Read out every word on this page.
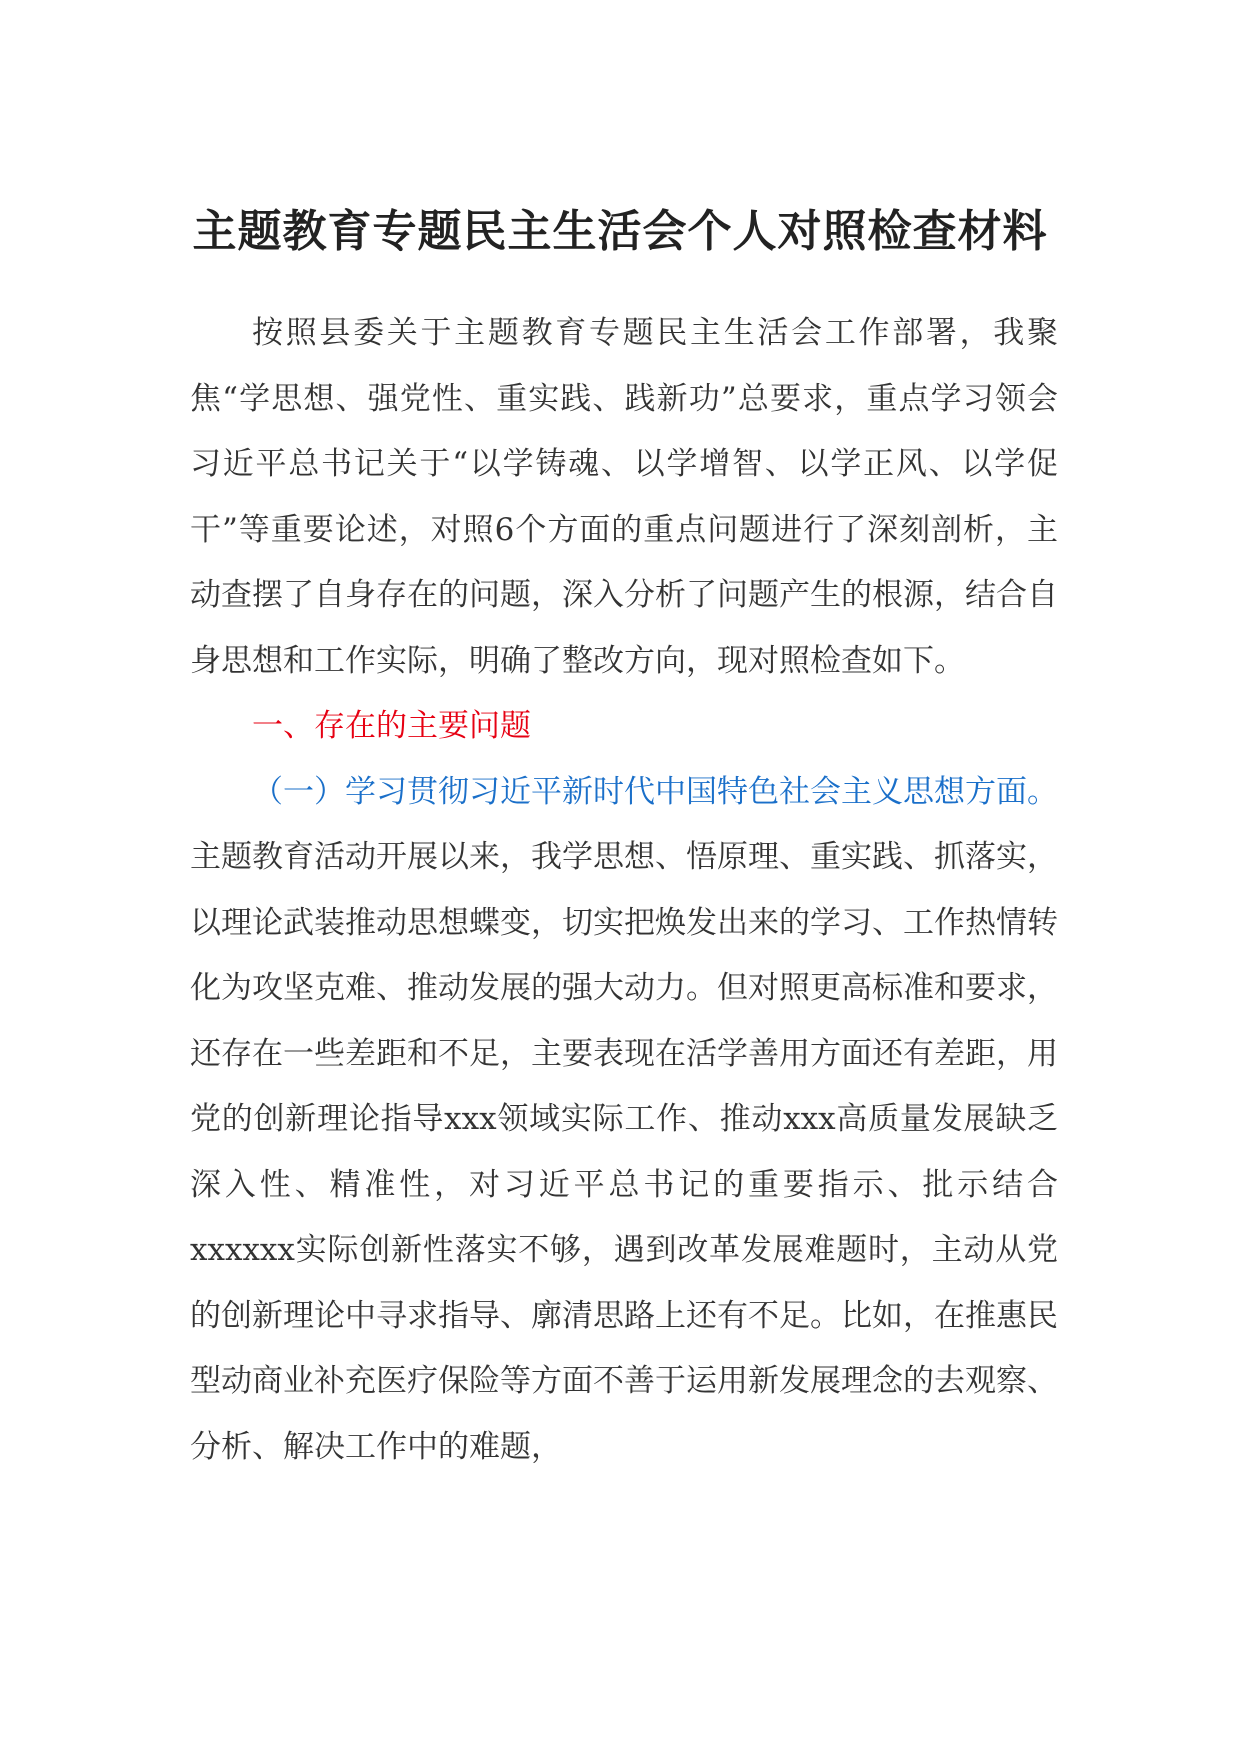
主题教育专题民主生活会个人对照检查材料

按照县委关于主题教育专题民主生活会工作部署，我聚焦“学思想、强党性、重实践、践新功”总要求，重点学习领会习近平总书记关于“以学铸魂、以学增智、以学正风、以学促干”等重要论述，对照6个方面的重点问题进行了深刻剖析，主动查摆了自身存在的问题，深入分析了问题产生的根源，结合自身思想和工作实际，明确了整改方向，现对照检查如下。

一、存在的主要问题

（一）学习贯彻习近平新时代中国特色社会主义思想方面。主题教育活动开展以来，我学思想、悟原理、重实践、抓落实，以理论武装推动思想蝶变，切实把焕发出来的学习、工作热情转化为攻坚克难、推动发展的强大动力。但对照更高标准和要求，还存在一些差距和不足，主要表现在活学善用方面还有差距，用党的创新理论指导xxx领域实际工作、推动xxx高质量发展缺乏深入性、精准性，对习近平总书记的重要指示、批示结合xxxxxx实际创新性落实不够，遇到改革发展难题时，主动从党的创新理论中寻求指导、廓清思路上还有不足。比如，在推惠民型动商业补充医疗保险等方面不善于运用新发展理念的去观察、分析、解决工作中的难题，
